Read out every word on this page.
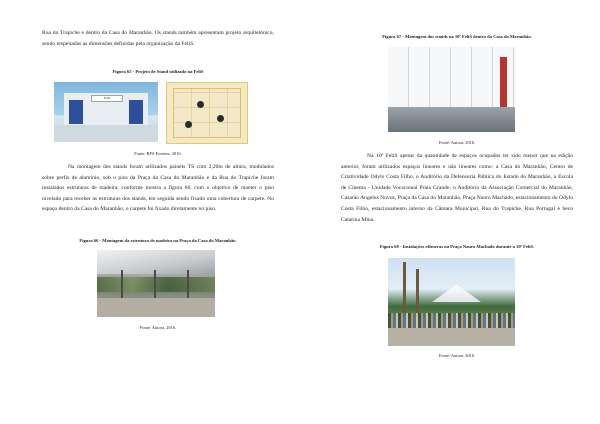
Rua do Trapiche e dentro da Casa do Maranhão. Os stands também apresentam projeto arquitetônico, sendo respeitadas as dimensões definidas pela organização da FeliS.

Figura 65 - Projeto de Stand utilizado na FeliS

FeliS

Fonte: RFS Eventos, 2016.

Na montagem dos stands foram utilizados painéis TS com 2,20m de altura, modulados sobre perfis de alumínio, sob o piso da Praça da Casa do Maranhão e da Rua do Trapiche foram instalados estruturas de madeira, conforme mostra a figura 66, com o objetivo de manter o piso nivelado para receber as estruturas dos stands, em seguida sendo fixado uma cobertura de carpete. No espaço dentro da Casa do Maranhão, o carpete foi fixado diretamente no piso.

Figura 66 - Montagem da estrutura de madeira na Praça da Casa do Maranhão.

Fonte: Autora, 2016.

Figura 67 - Montagem dos stands na 10ª FeliS dentro da Casa do Maranhão.

Fonte: Autora, 2016.

Na 10ª FeliS apesar da quantidade de espaços ocupados ter sido menor que na edição anterior, foram utilizados espaços lineares e não lineares como: a Casa do Maranhão, Centro de Criatividade Odylo Costa Filho, o Auditório da Defensoria Pública do Estado do Maranhão, a Escola de Cinema - Unidade Vocacional Praia Grande, o Auditório da Associação Comercial do Maranhão, Casarão Angelus Novus, Praça da Casa do Maranhão, Praça Nauro Machado, estacionamento do Odylo Costa Filho, estacionamento interno da Câmara Municipal, Rua do Trapiche, Rua Portugal e beco Catarina Mina.

Figura 68 - Instalações efêmeras na Praça Nauro Machado durante a 10ª FeliS.

Fonte: Autora, 2016.
